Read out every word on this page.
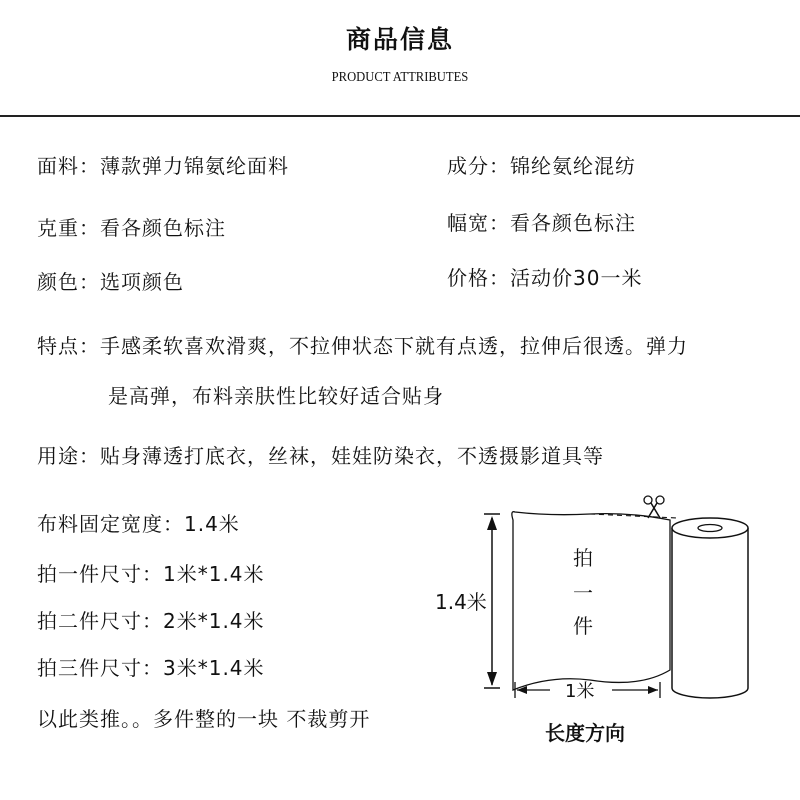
商品信息
PRODUCT ATTRIBUTES
面料：薄款弹力锦氨纶面料	成分：锦纶氨纶混纺
克重：看各颜色标注	幅宽：看各颜色标注
颜色：选项颜色	价格：活动价30一米
特点：手感柔软喜欢滑爽，不拉伸状态下就有点透，拉伸后很透。弹力
是高弹，布料亲肤性比较好适合贴身
用途：贴身薄透打底衣，丝袜，娃娃防染衣，不透摄影道具等
布料固定宽度：1.4米
拍一件尺寸：1米*1.4米
拍二件尺寸：2米*1.4米
拍三件尺寸：3米*1.4米
以此类推。。多件整的一块 不裁剪开
1.4米
1米
拍
一
件
长度方向
